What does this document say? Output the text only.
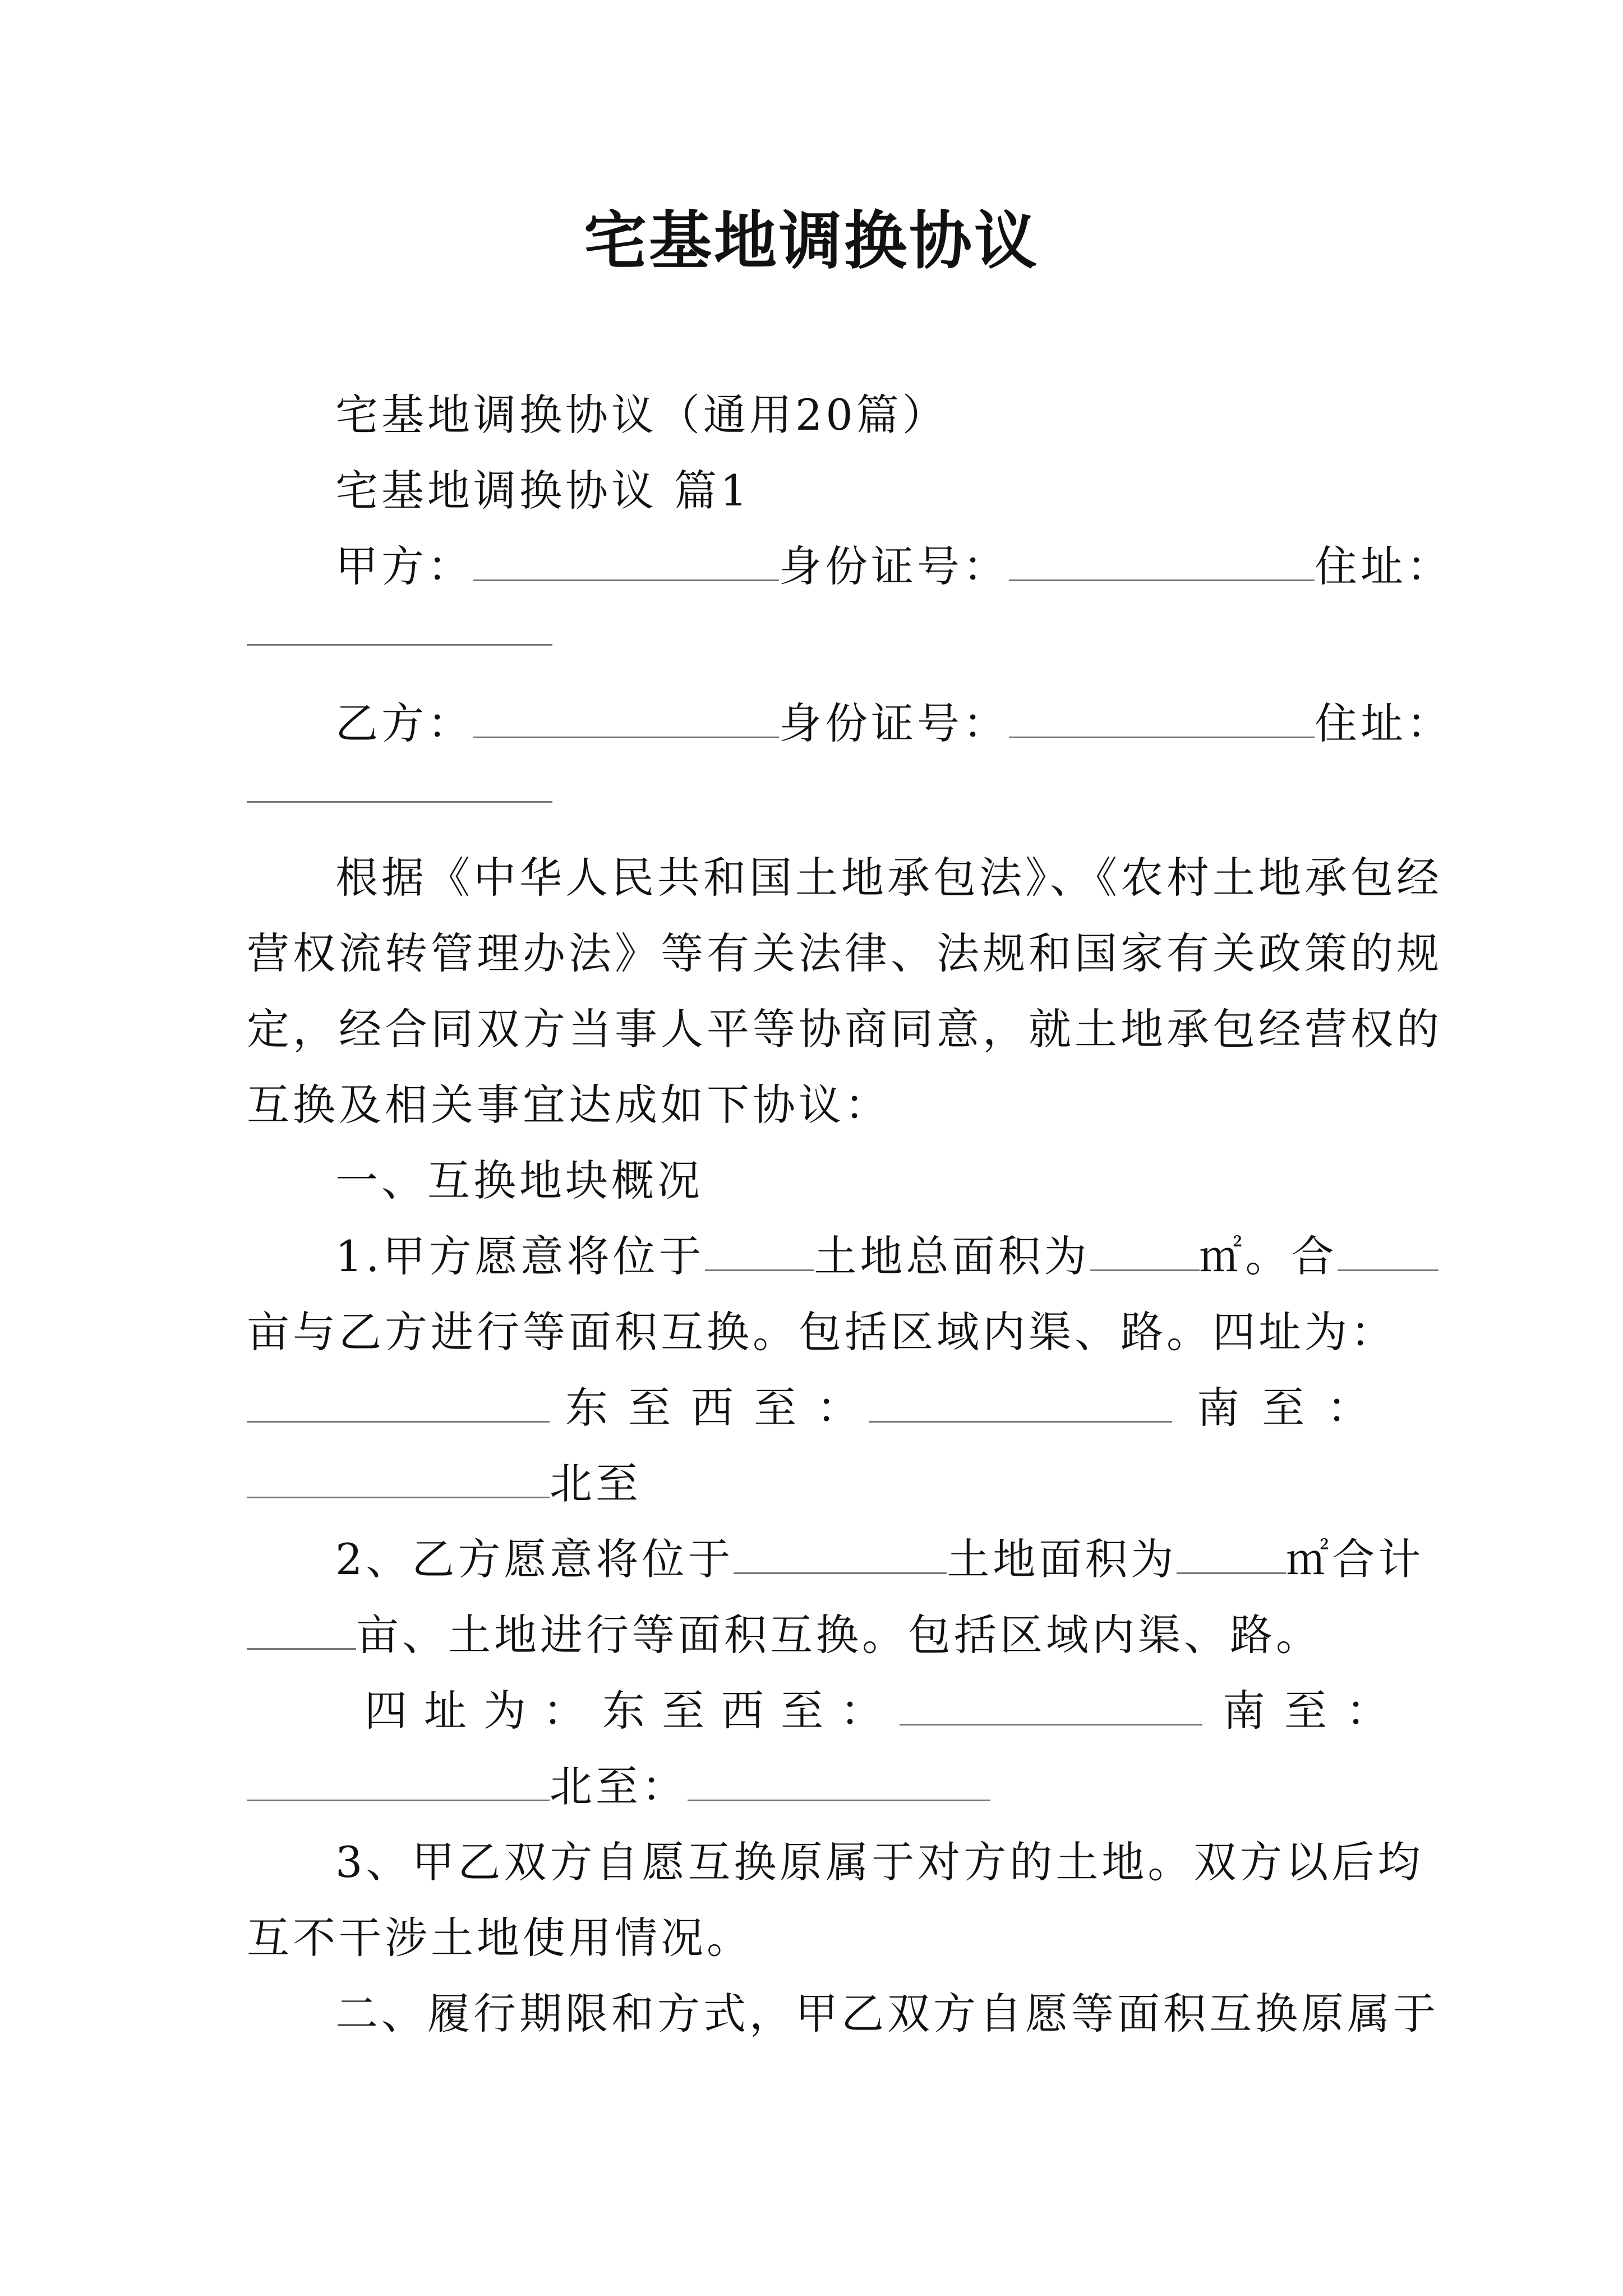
宅基地调换协议
宅基地调换协议（通用20篇）
宅基地调换协议 篇1
甲方：	身份证号：	住址：
乙方：	身份证号：	住址：
根据《中华人民共和国土地承包法》、《农村土地承包经
营权流转管理办法》等有关法律、法规和国家有关政策的规
定，经合同双方当事人平等协商同意，就土地承包经营权的
互换及相关事宜达成如下协议：
一、互换地块概况
1.甲方愿意将位于	土地总面积为	㎡。合
亩与乙方进行等面积互换。包括区域内渠、路。四址为：
东至西至：	南至：
北至
2、乙方愿意将位于	土地面积为	㎡合计
亩、土地进行等面积互换。包括区域内渠、路。
四址为：东至西至：	南至：
北至：
3、甲乙双方自愿互换原属于对方的土地。双方以后均
互不干涉土地使用情况。
二、履行期限和方式，甲乙双方自愿等面积互换原属于
